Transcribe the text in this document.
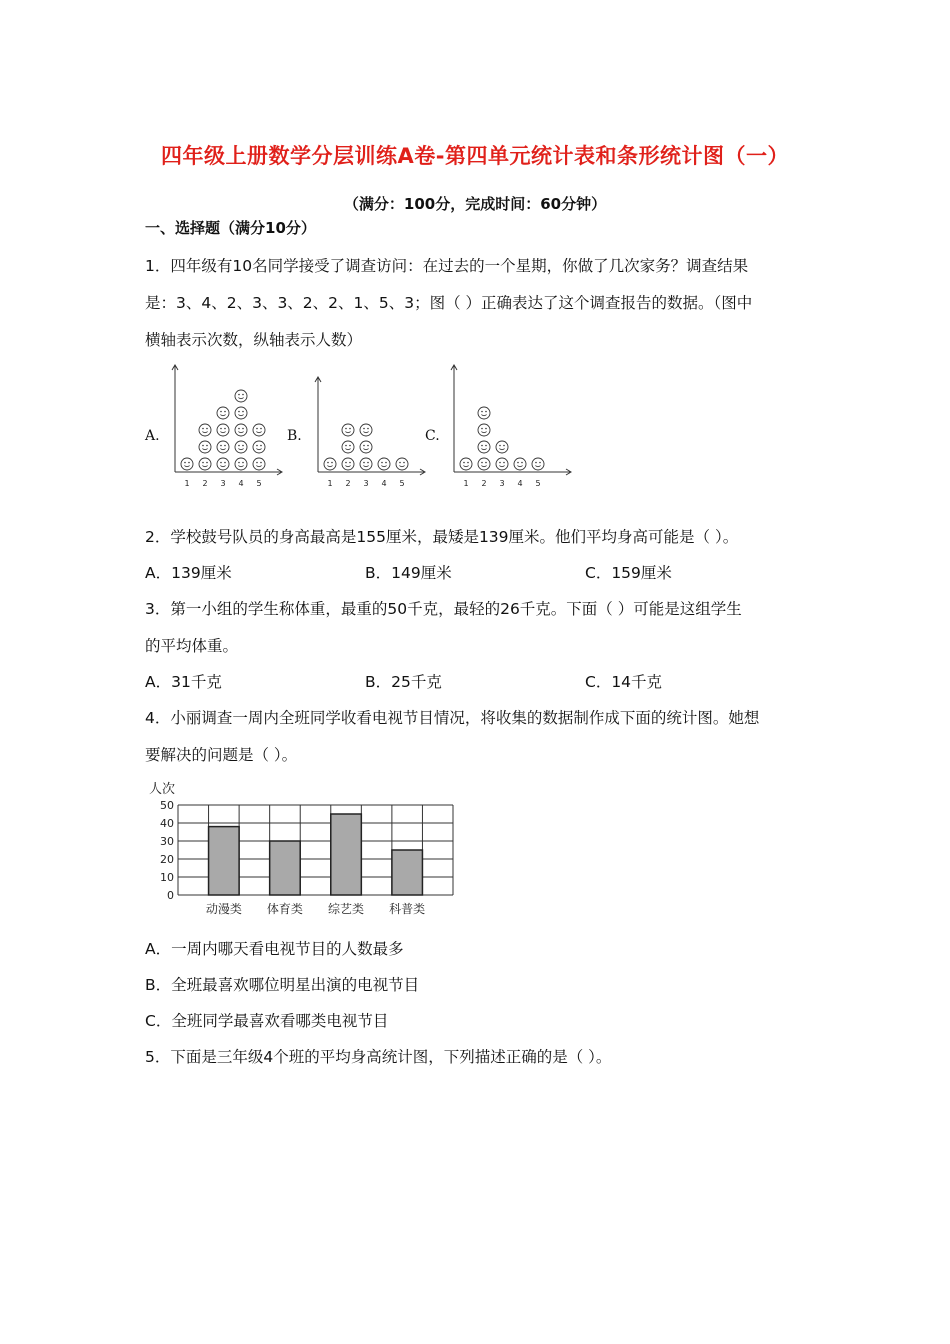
四年级上册数学分层训练A卷-第四单元统计表和条形统计图（一）
（满分：100分，完成时间：60分钟）
一、选择题（满分10分）
1．四年级有10名同学接受了调查访问：在过去的一个星期，你做了几次家务？调查结果
是：3、4、2、3、3、2、2、1、5、3；图（ ）正确表达了这个调查报告的数据。（图中
横轴表示次数，纵轴表示人数）
A.	B.	C.
1 2 3 4 5	1 2 3 4 5	1 2 3 4 5
2．学校鼓号队员的身高最高是155厘米，最矮是139厘米。他们平均身高可能是（ ）。
A．139厘米	B．149厘米	C．159厘米
3．第一小组的学生称体重，最重的50千克，最轻的26千克。下面（ ）可能是这组学生
的平均体重。
A．31千克	B．25千克	C．14千克
4．小丽调查一周内全班同学收看电视节目情况，将收集的数据制作成下面的统计图。她想
要解决的问题是（ ）。
人次
0
10
20
30
40
50
动漫类 体育类 综艺类 科普类
A．一周内哪天看电视节目的人数最多
B．全班最喜欢哪位明星出演的电视节目
C．全班同学最喜欢看哪类电视节目
5．下面是三年级4个班的平均身高统计图，下列描述正确的是（ ）。
